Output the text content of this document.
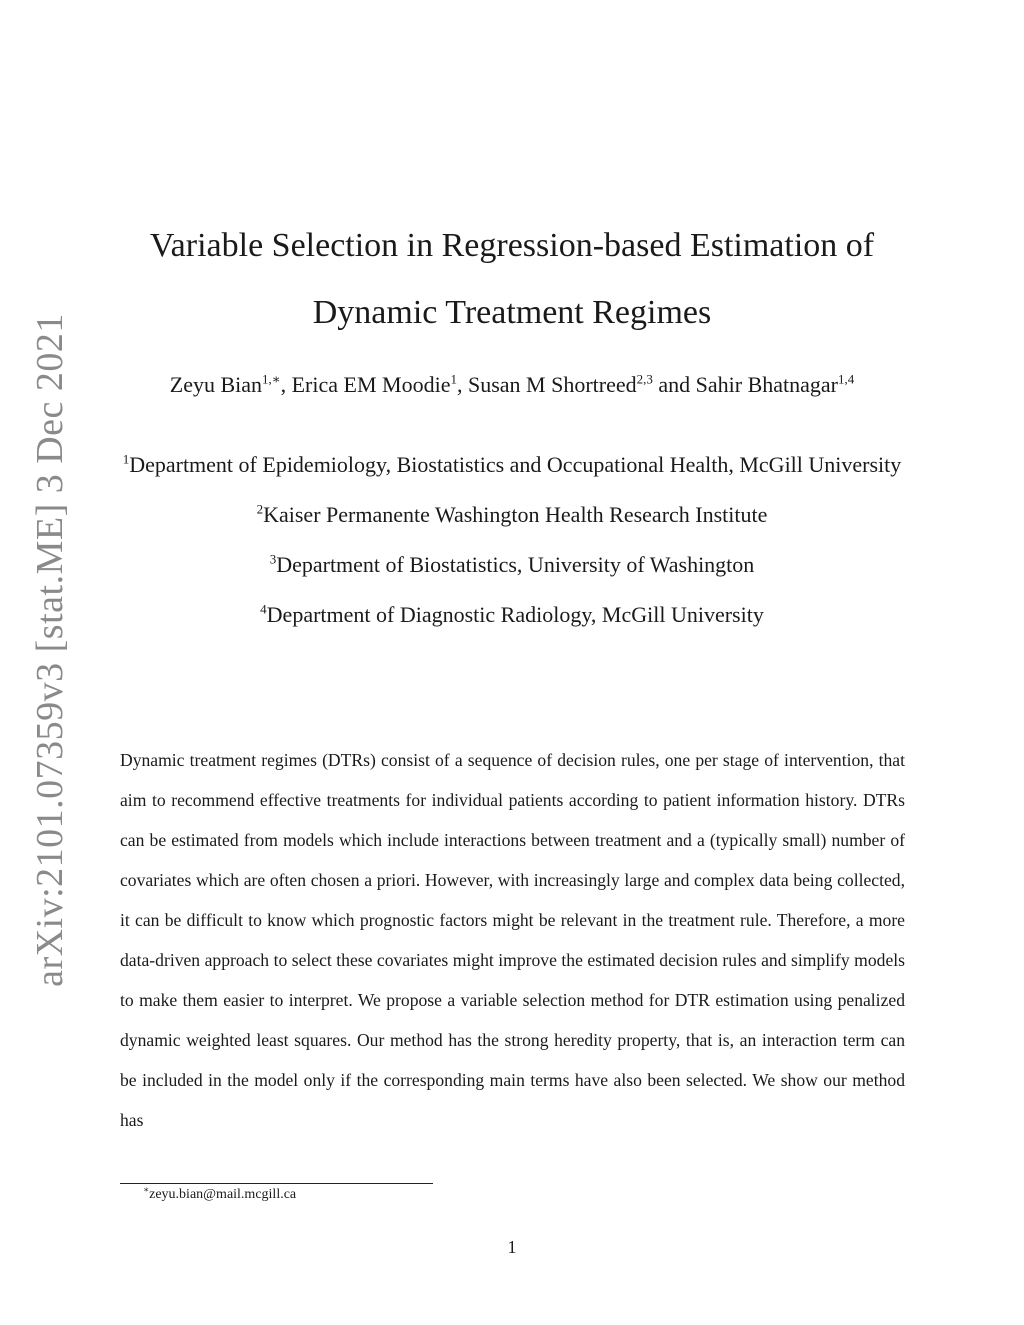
arXiv:2101.07359v3 [stat.ME] 3 Dec 2021
Variable Selection in Regression-based Estimation of
Dynamic Treatment Regimes
Zeyu Bian$^{1,∗}$, Erica EM Moodie$^1$, Susan M Shortreed$^{2,3}$ and Sahir Bhatnagar$^{1,4}$
$^1$Department of Epidemiology, Biostatistics and Occupational Health, McGill University
$^2$Kaiser Permanente Washington Health Research Institute
$^3$Department of Biostatistics, University of Washington
$^4$Department of Diagnostic Radiology, McGill University

Dynamic treatment regimes (DTRs) consist of a sequence of decision rules, one per stage of intervention, that aim to recommend effective treatments for individual patients according to patient information history. DTRs can be estimated from models which include interactions between treatment and a (typically small) number of covariates which are often chosen a priori. However, with increasingly large and complex data being collected, it can be difficult to know which prognostic factors might be relevant in the treatment rule. Therefore, a more data-driven approach to select these covariates might improve the estimated decision rules and simplify models to make them easier to interpret. We propose a variable selection method for DTR estimation using penalized dynamic weighted least squares. Our method has the strong heredity property, that is, an interaction term can be included in the model only if the corresponding main terms have also been selected. We show our method has

∗zeyu.bian@mail.mcgill.ca
1
